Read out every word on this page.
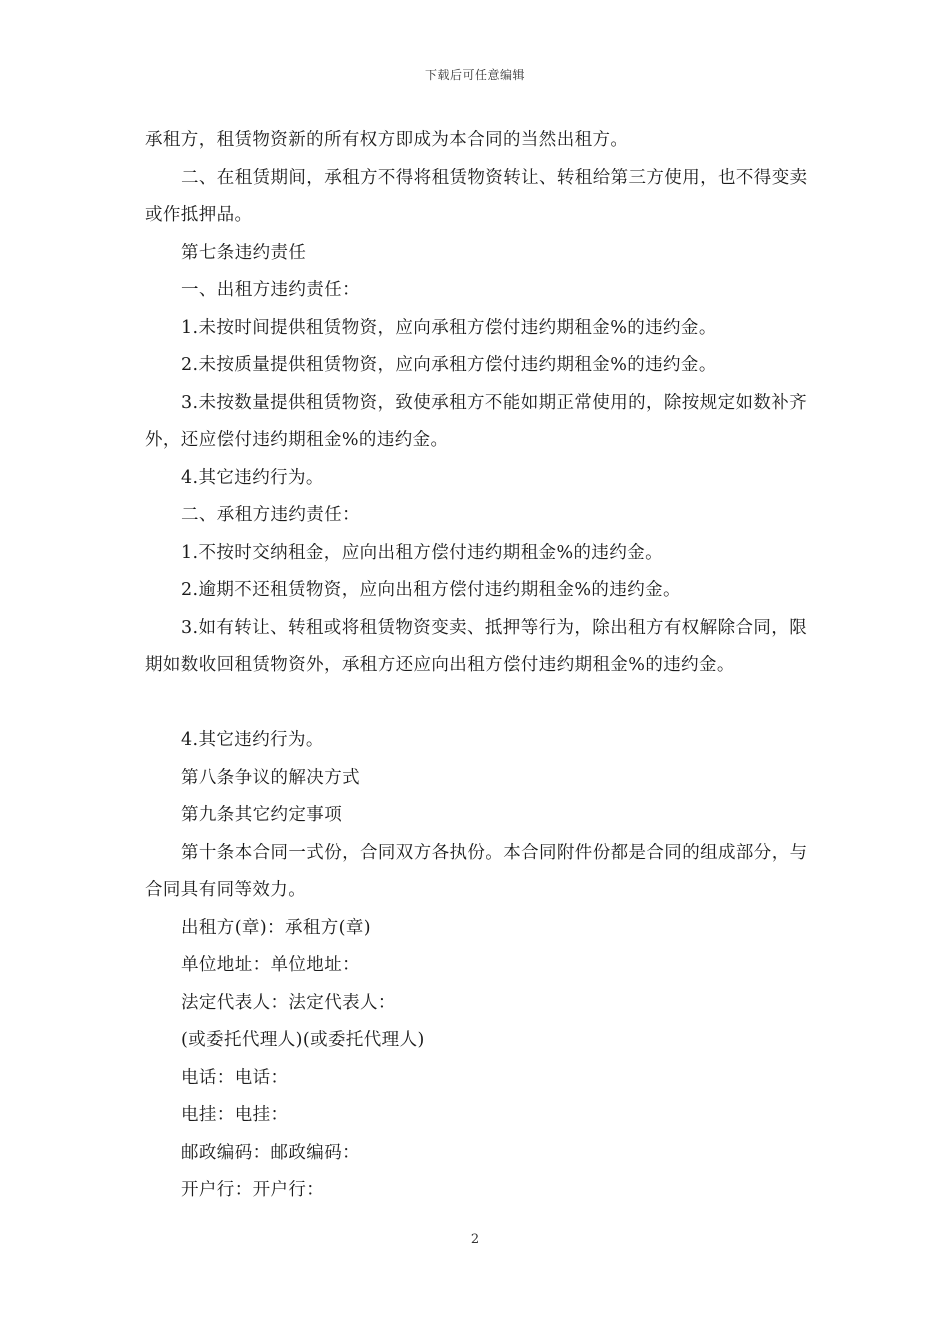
下载后可任意编辑

承租方，租赁物资新的所有权方即成为本合同的当然出租方。

二、在租赁期间，承租方不得将租赁物资转让、转租给第三方使用，也不得变卖或作抵押品。

第七条违约责任

一、出租方违约责任：

1.未按时间提供租赁物资，应向承租方偿付违约期租金%的违约金。

2.未按质量提供租赁物资，应向承租方偿付违约期租金%的违约金。

3.未按数量提供租赁物资，致使承租方不能如期正常使用的，除按规定如数补齐外，还应偿付违约期租金%的违约金。

4.其它违约行为。

二、承租方违约责任：

1.不按时交纳租金，应向出租方偿付违约期租金%的违约金。

2.逾期不还租赁物资，应向出租方偿付违约期租金%的违约金。

3.如有转让、转租或将租赁物资变卖、抵押等行为，除出租方有权解除合同，限期如数收回租赁物资外，承租方还应向出租方偿付违约期租金%的违约金。

4.其它违约行为。

第八条争议的解决方式

第九条其它约定事项

第十条本合同一式份，合同双方各执份。本合同附件份都是合同的组成部分，与合同具有同等效力。

出租方(章)：承租方(章)

单位地址：单位地址：

法定代表人：法定代表人：

(或委托代理人)(或委托代理人)

电话：电话：

电挂：电挂：

邮政编码：邮政编码：

开户行：开户行：

2
